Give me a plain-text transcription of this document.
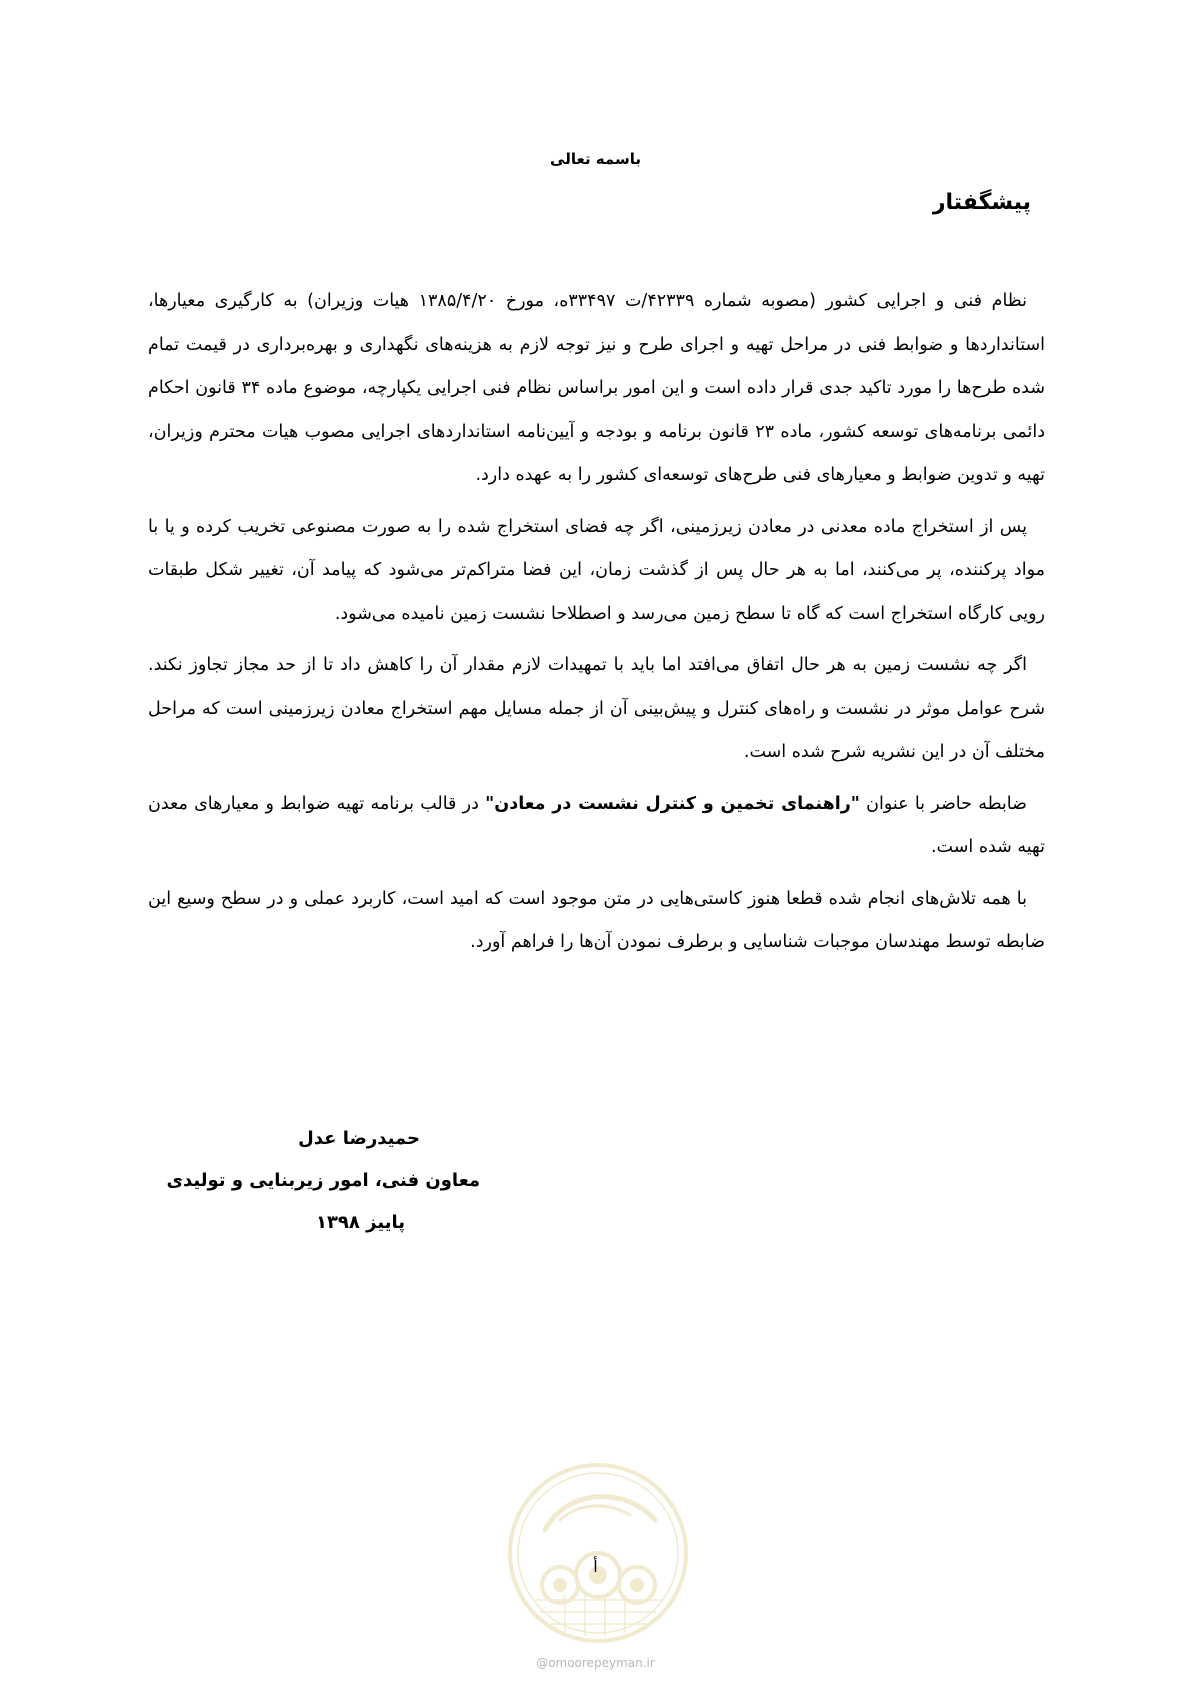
باسمه تعالی
پیشگفتار

نظام فنی و اجرایی کشور (مصوبه شماره ۴۲۳۳۹/ت ۳۳۴۹۷ه، مورخ ۱۳۸۵/۴/۲۰ هیات وزیران) به کارگیری معیارها، استانداردها و ضوابط فنی در مراحل تهیه و اجرای طرح و نیز توجه لازم به هزینه‌های نگهداری و بهره‌برداری در قیمت تمام شده طرح‌ها را مورد تاکید جدی قرار داده است و این امور براساس نظام فنی اجرایی یکپارچه، موضوع ماده ۳۴ قانون احکام دائمی برنامه‌های توسعه کشور، ماده ۲۳ قانون برنامه و بودجه و آیین‌نامه استانداردهای اجرایی مصوب هیات محترم وزیران، تهیه و تدوین ضوابط و معیارهای فنی طرح‌های توسعه‌ای کشور را به عهده دارد.

پس از استخراج ماده معدنی در معادن زیرزمینی، اگر چه فضای استخراج شده را به صورت مصنوعی تخریب کرده و یا با مواد پرکننده، پر می‌کنند، اما به هر حال پس از گذشت زمان، این فضا متراکم‌تر می‌شود که پیامد آن، تغییر شکل طبقات رویی کارگاه استخراج است که گاه تا سطح زمین می‌رسد و اصطلاحا نشست زمین نامیده می‌شود.

اگر چه نشست زمین به هر حال اتفاق می‌افتد اما باید با تمهیدات لازم مقدار آن را کاهش داد تا از حد مجاز تجاوز نکند. شرح عوامل موثر در نشست و راه‌های کنترل و پیش‌بینی آن از جمله مسایل مهم استخراج معادن زیرزمینی است که مراحل مختلف آن در این نشریه شرح شده است.

ضابطه حاضر با عنوان "راهنمای تخمین و کنترل نشست در معادن" در قالب برنامه تهیه ضوابط و معیارهای معدن تهیه شده است.

با همه تلاش‌های انجام شده قطعا هنوز کاستی‌هایی در متن موجود است که امید است، کاربرد عملی و در سطح وسیع این ضابطه توسط مهندسان موجبات شناسایی و برطرف نمودن آن‌ها را فراهم آورد.

حمیدرضا عدل
معاون فنی، امور زیربنایی و تولیدی
پاییز ۱۳۹۸
أ
@omoorepeyman.ir
